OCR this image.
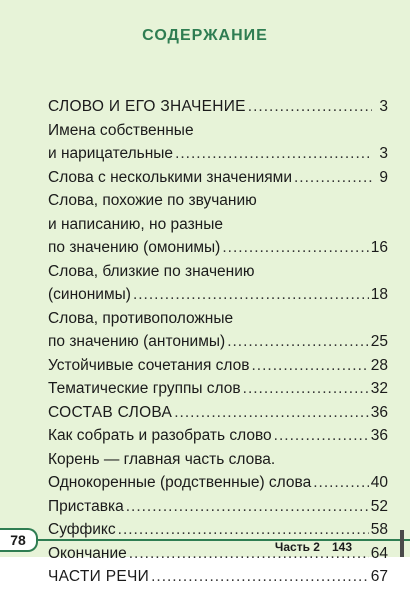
СОДЕРЖАНИЕ
СЛОВО И ЕГО ЗНАЧЕНИЕ .....	3
Имена собственные
и нарицательные .....	3
Слова с несколькими значениями .....	9
Слова, похожие по звучанию
и написанию, но разные
по значению (омонимы) .....	16
Слова, близкие по значению
(синонимы) .....	18
Слова, противоположные
по значению (антонимы) .....	25
Устойчивые сочетания слов .....	28
Тематические группы слов .....	32
СОСТАВ СЛОВА .....	36
Как собрать и разобрать слово .....	36
Корень — главная часть слова.
Однокоренные (родственные) слова .....	40
Приставка .....	52
Суффикс .....	58
Окончание .....	64
ЧАСТИ РЕЧИ .....	67
78	Часть 2 143
